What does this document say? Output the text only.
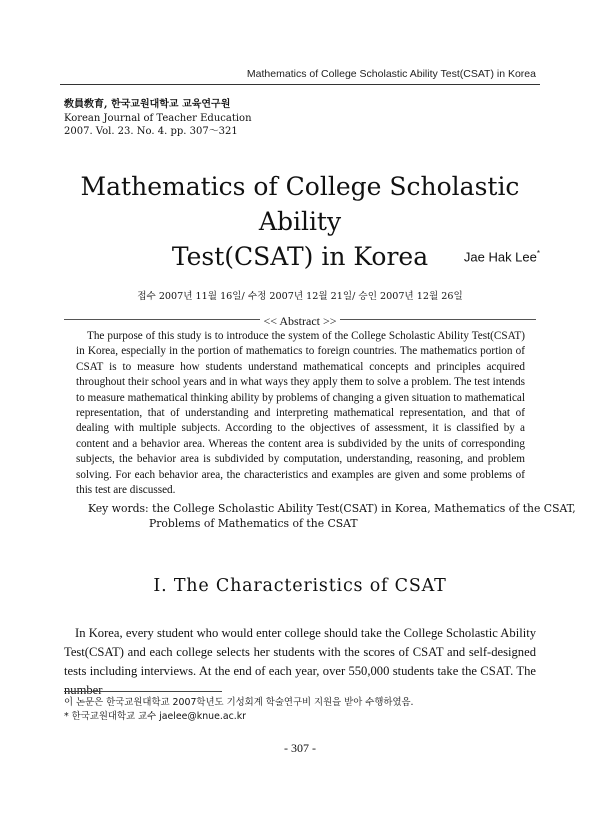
Mathematics of College Scholastic Ability Test(CSAT) in Korea
敎員敎育, 한국교원대학교 교육연구원
Korean Journal of Teacher Education
2007. Vol. 23. No. 4. pp. 307～321
Mathematics of College Scholastic Ability
Test(CSAT) in Korea	Jae Hak Lee*
접수 2007년 11월 16일/ 수정 2007년 12월 21일/ 승인 2007년 12월 26일
<< Abstract >>

The purpose of this study is to introduce the system of the College Scholastic Ability Test(CSAT) in Korea, especially in the portion of mathematics to foreign countries. The mathematics portion of CSAT is to measure how students understand mathematical concepts and principles acquired throughout their school years and in what ways they apply them to solve a problem. The test intends to measure mathematical thinking ability by problems of changing a given situation to mathematical representation, that of understanding and interpreting mathematical representation, and that of dealing with multiple subjects. According to the objectives of assessment, it is classified by a content and a behavior area. Whereas the content area is subdivided by the units of corresponding subjects, the behavior area is subdivided by computation, understanding, reasoning, and problem solving. For each behavior area, the characteristics and examples are given and some problems of this test are discussed.

Key words: the College Scholastic Ability Test(CSAT) in Korea, Mathematics of the CSAT, Problems of Mathematics of the CSAT

I. The Characteristics of CSAT

In Korea, every student who would enter college should take the College Scholastic Ability Test(CSAT) and each college selects her students with the scores of CSAT and self-designed tests including interviews. At the end of each year, over 550,000 students take the CSAT. The number

이 논문은 한국교원대학교 2007학년도 기성회계 학술연구비 지원을 받아 수행하였음.
* 한국교원대학교 교수 jaelee@knue.ac.kr
- 307 -
